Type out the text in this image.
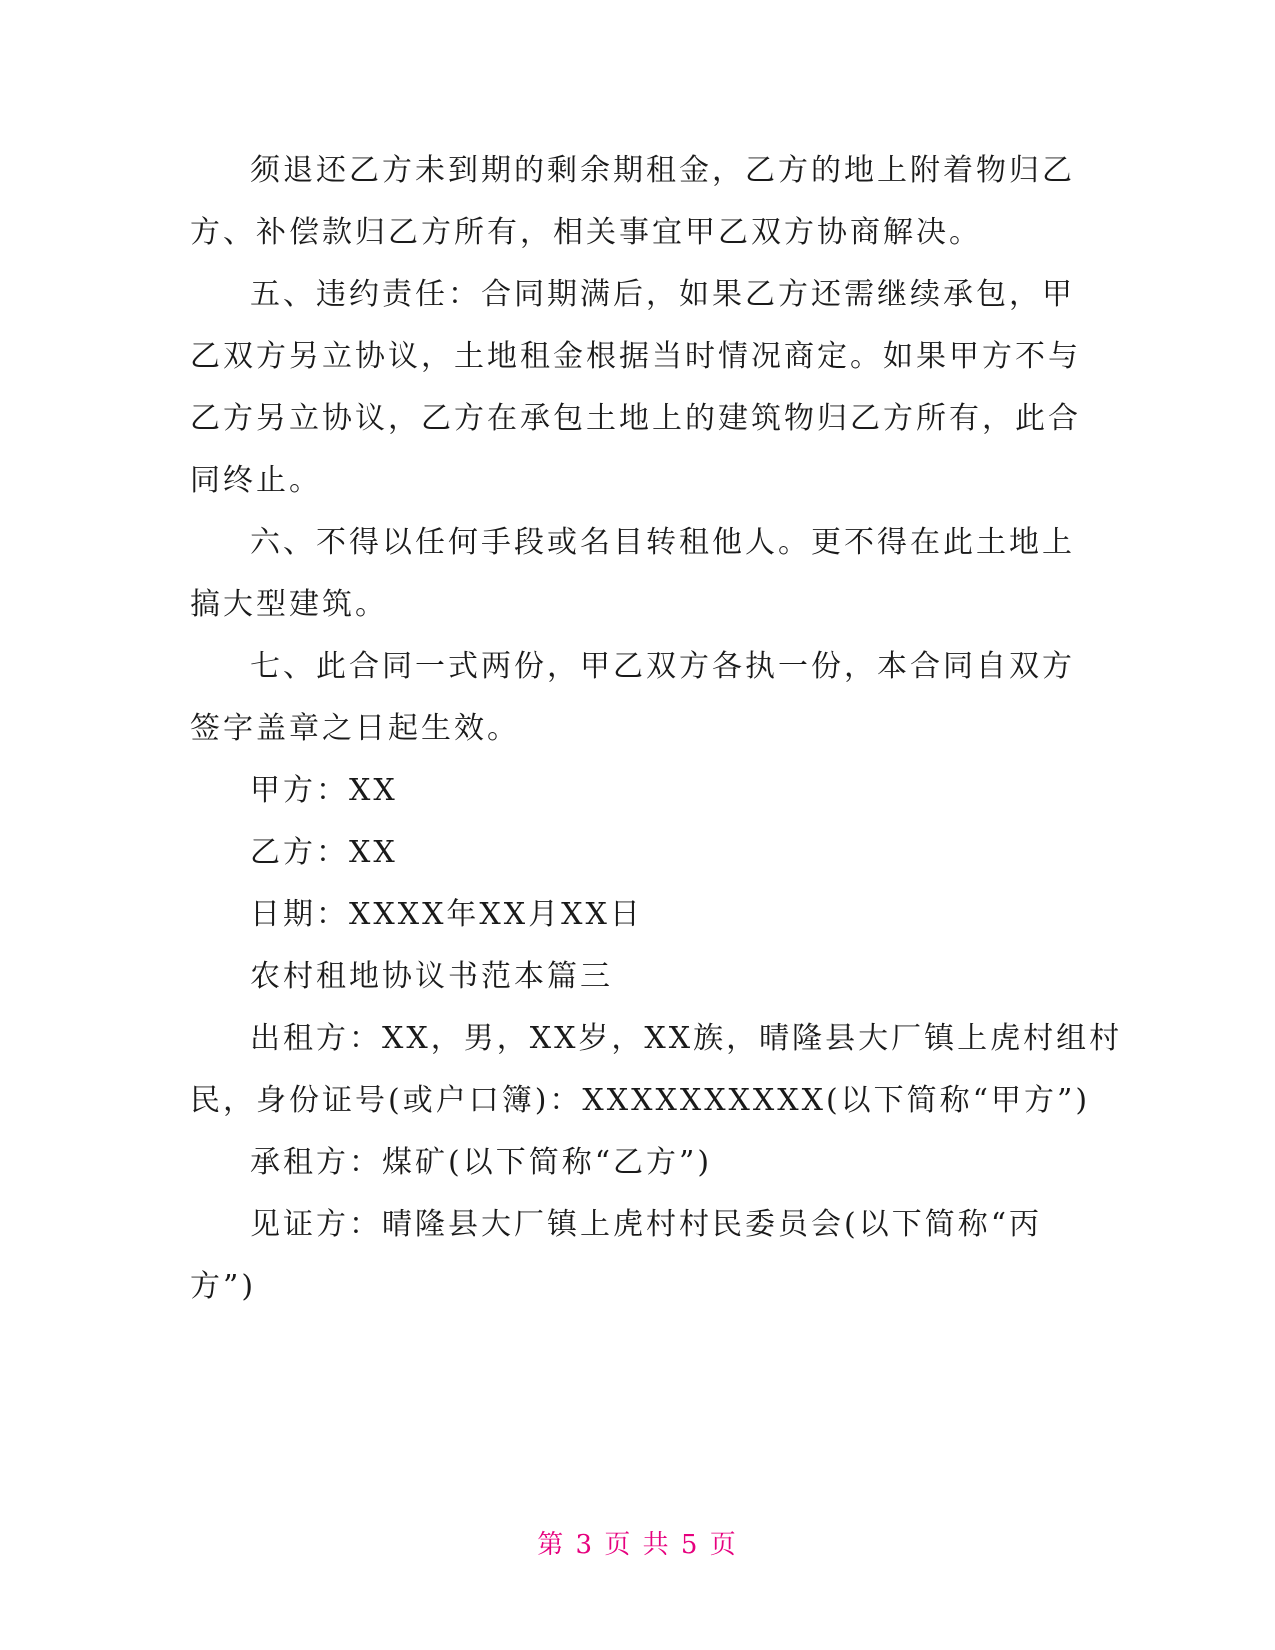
须退还乙方未到期的剩余期租金，乙方的地上附着物归乙
方、补偿款归乙方所有，相关事宜甲乙双方协商解决。
五、违约责任：合同期满后，如果乙方还需继续承包，甲
乙双方另立协议，土地租金根据当时情况商定。如果甲方不与
乙方另立协议，乙方在承包土地上的建筑物归乙方所有，此合
同终止。
六、不得以任何手段或名目转租他人。更不得在此土地上
搞大型建筑。
七、此合同一式两份，甲乙双方各执一份，本合同自双方
签字盖章之日起生效。
甲方：XX
乙方：XX
日期：XXXX年XX月XX日
农村租地协议书范本篇三
出租方：XX，男，XX岁，XX族，晴隆县大厂镇上虎村组村
民，身份证号(或户口簿)：XXXXXXXXXX(以下简称“甲方”)
承租方：煤矿(以下简称“乙方”)
见证方：晴隆县大厂镇上虎村村民委员会(以下简称“丙
方”)
第 3 页 共 5 页
